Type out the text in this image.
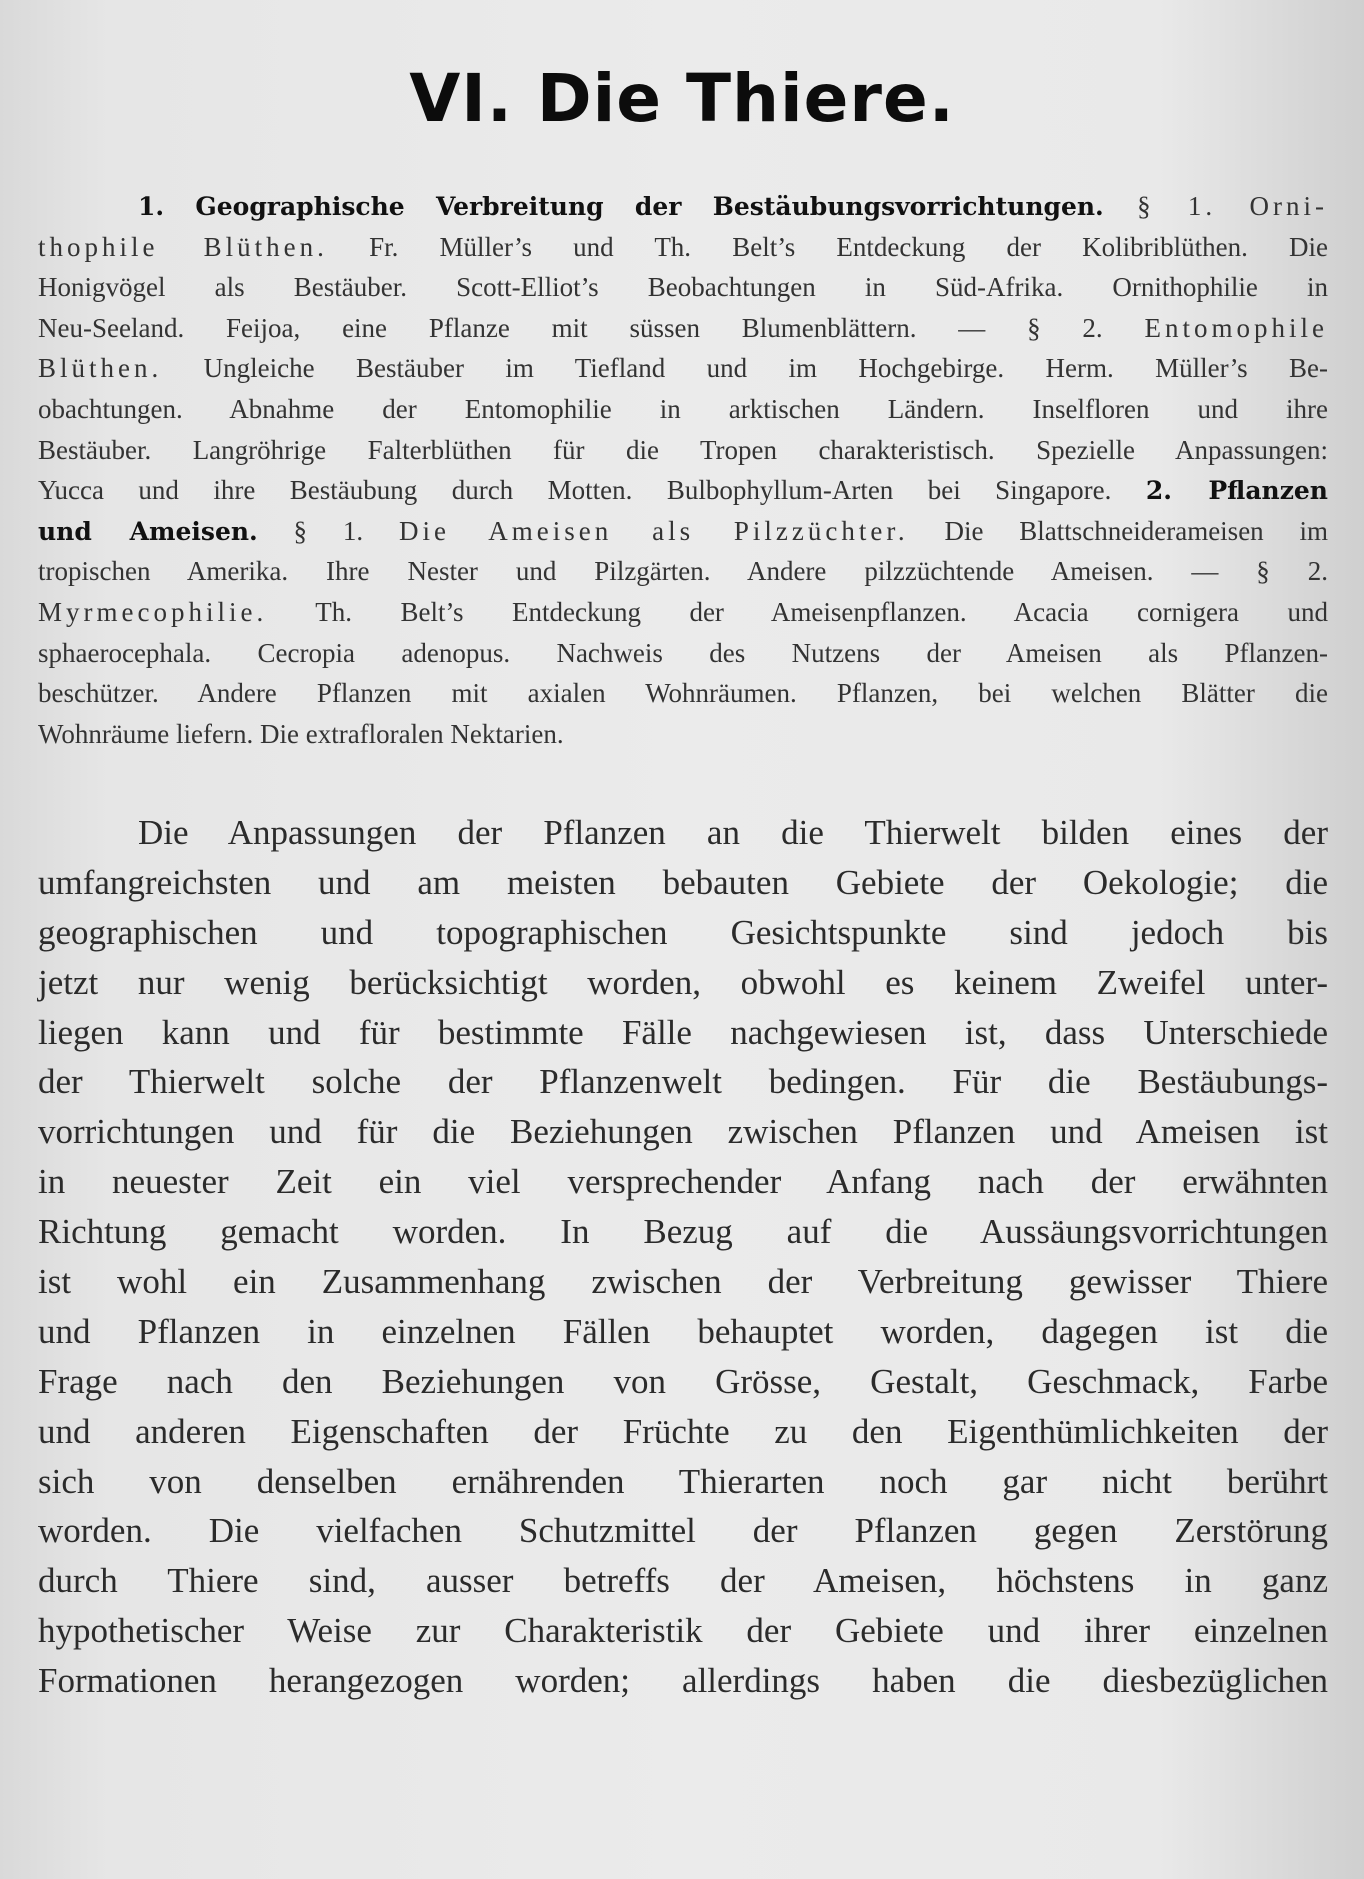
VI. Die Thiere.
1. Geographische Verbreitung der Bestäubungsvorrichtungen. § 1. Orni-
thophile Blüthen. Fr. Müller’s und Th. Belt’s Entdeckung der Kolibriblüthen. Die
Honigvögel als Bestäuber. Scott-Elliot’s Beobachtungen in Süd-Afrika. Ornithophilie in
Neu-Seeland. Feijoa, eine Pflanze mit süssen Blumenblättern. — § 2. Entomophile
Blüthen. Ungleiche Bestäuber im Tiefland und im Hochgebirge. Herm. Müller’s Be-
obachtungen. Abnahme der Entomophilie in arktischen Ländern. Inselfloren und ihre
Bestäuber. Langröhrige Falterblüthen für die Tropen charakteristisch. Spezielle Anpassungen:
Yucca und ihre Bestäubung durch Motten. Bulbophyllum-Arten bei Singapore. 2. Pflanzen
und Ameisen. § 1. Die Ameisen als Pilzzüchter. Die Blattschneiderameisen im
tropischen Amerika. Ihre Nester und Pilzgärten. Andere pilzzüchtende Ameisen. — § 2.
Myrmecophilie. Th. Belt’s Entdeckung der Ameisenpflanzen. Acacia cornigera und
sphaerocephala. Cecropia adenopus. Nachweis des Nutzens der Ameisen als Pflanzen-
beschützer. Andere Pflanzen mit axialen Wohnräumen. Pflanzen, bei welchen Blätter die
Wohnräume liefern. Die extrafloralen Nektarien.
Die Anpassungen der Pflanzen an die Thierwelt bilden eines der
umfangreichsten und am meisten bebauten Gebiete der Oekologie; die
geographischen und topographischen Gesichtspunkte sind jedoch bis
jetzt nur wenig berücksichtigt worden, obwohl es keinem Zweifel unter-
liegen kann und für bestimmte Fälle nachgewiesen ist, dass Unterschiede
der Thierwelt solche der Pflanzenwelt bedingen. Für die Bestäubungs-
vorrichtungen und für die Beziehungen zwischen Pflanzen und Ameisen ist
in neuester Zeit ein viel versprechender Anfang nach der erwähnten
Richtung gemacht worden. In Bezug auf die Aussäungsvorrichtungen
ist wohl ein Zusammenhang zwischen der Verbreitung gewisser Thiere
und Pflanzen in einzelnen Fällen behauptet worden, dagegen ist die
Frage nach den Beziehungen von Grösse, Gestalt, Geschmack, Farbe
und anderen Eigenschaften der Früchte zu den Eigenthümlichkeiten der
sich von denselben ernährenden Thierarten noch gar nicht berührt
worden. Die vielfachen Schutzmittel der Pflanzen gegen Zerstörung
durch Thiere sind, ausser betreffs der Ameisen, höchstens in ganz
hypothetischer Weise zur Charakteristik der Gebiete und ihrer einzelnen
Formationen herangezogen worden; allerdings haben die diesbezüglichen
